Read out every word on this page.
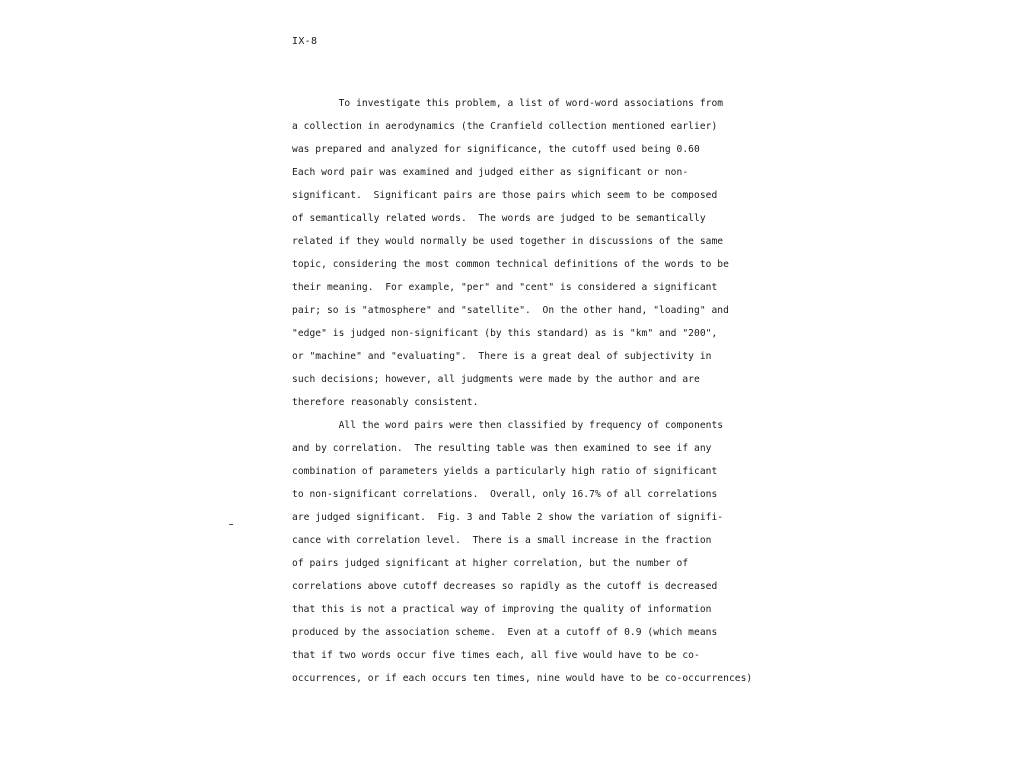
IX-8
To investigate this problem, a list of word-word associations from
a collection in aerodynamics (the Cranfield collection mentioned earlier)
was prepared and analyzed for significance, the cutoff used being 0.60
Each word pair was examined and judged either as significant or non-
significant.  Significant pairs are those pairs which seem to be composed
of semantically related words.  The words are judged to be semantically
related if they would normally be used together in discussions of the same
topic, considering the most common technical definitions of the words to be
their meaning.  For example, "per" and "cent" is considered a significant
pair; so is "atmosphere" and "satellite".  On the other hand, "loading" and
"edge" is judged non-significant (by this standard) as is "km" and "200",
or "machine" and "evaluating".  There is a great deal of subjectivity in
such decisions; however, all judgments were made by the author and are
therefore reasonably consistent.
All the word pairs were then classified by frequency of components
and by correlation.  The resulting table was then examined to see if any
combination of parameters yields a particularly high ratio of significant
to non-significant correlations.  Overall, only 16.7% of all correlations
are judged significant.  Fig. 3 and Table 2 show the variation of signifi-
cance with correlation level.  There is a small increase in the fraction
of pairs judged significant at higher correlation, but the number of
correlations above cutoff decreases so rapidly as the cutoff is decreased
that this is not a practical way of improving the quality of information
produced by the association scheme.  Even at a cutoff of 0.9 (which means
that if two words occur five times each, all five would have to be co-
occurrences, or if each occurs ten times, nine would have to be co-occurrences)
